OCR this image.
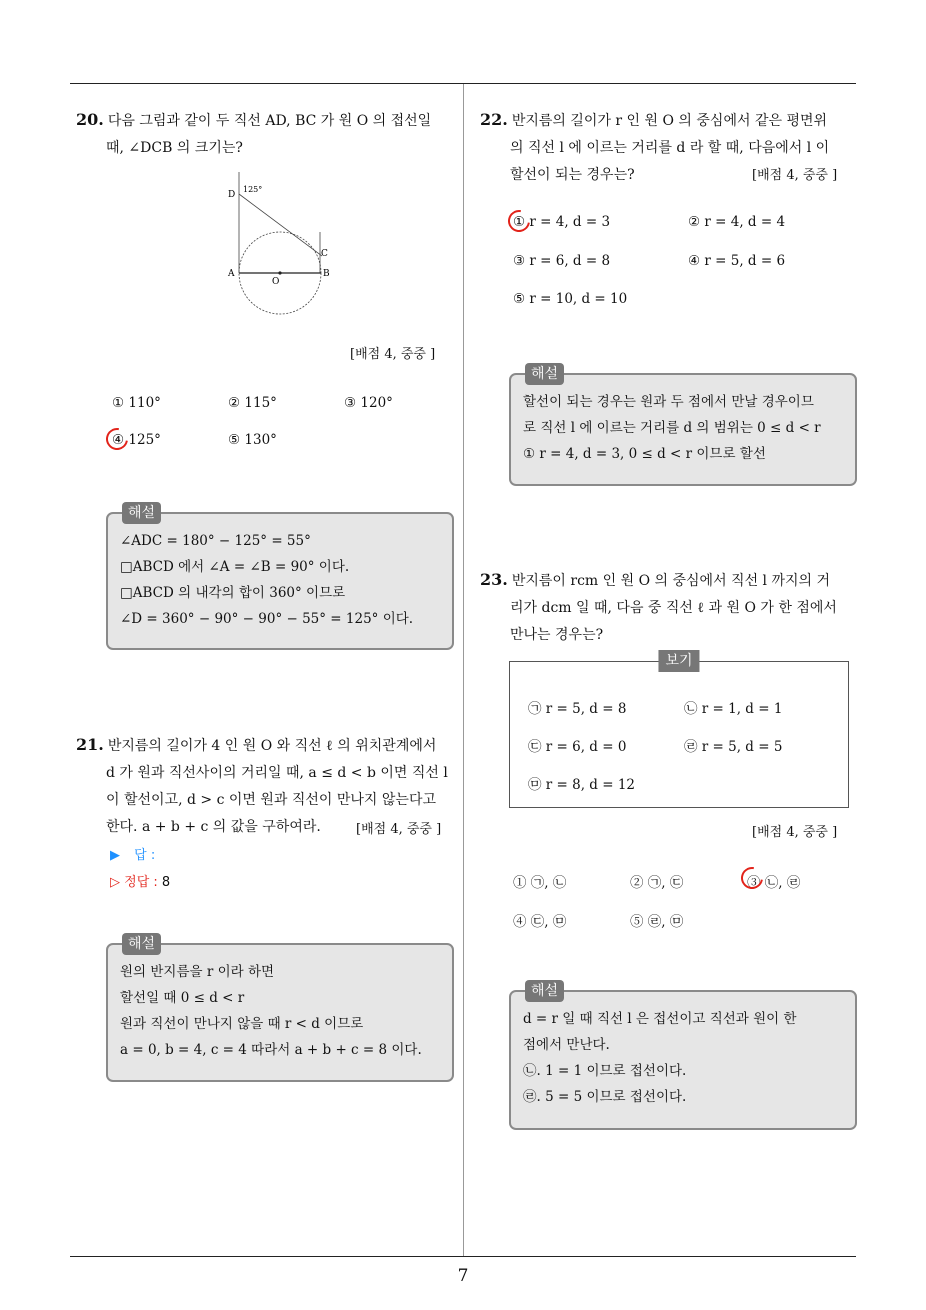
7
20. 다음 그림과 같이 두 직선 AD, BC 가 원 O 의 접선일
때, ∠DCB 의 크기는?
D
125°
C
A
O
B
[배점 4, 중중 ]
① 110°	② 115°	③ 120°
④ 125°	⑤ 130°
해설
∠ADC = 180° − 125° = 55°
□ABCD 에서 ∠A = ∠B = 90° 이다.
□ABCD 의 내각의 합이 360° 이므로
∠D = 360° − 90° − 90° − 55° = 125° 이다.
21. 반지름의 길이가 4 인 원 O 와 직선 ℓ 의 위치관계에서
d 가 원과 직선사이의 거리일 때, a ≤ d < b 이면 직선 l
이 할선이고, d > c 이면 원과 직선이 만나지 않는다고
한다. a + b + c 의 값을 구하여라.	[배점 4, 중중 ]
▶ 답 :
▷ 정답 : 8
해설
원의 반지름을 r 이라 하면
할선일 때 0 ≤ d < r
원과 직선이 만나지 않을 때 r < d 이므로
a = 0, b = 4, c = 4 따라서 a + b + c = 8 이다.
22. 반지름의 길이가 r 인 원 O 의 중심에서 같은 평면위
의 직선 l 에 이르는 거리를 d 라 할 때, 다음에서 l 이
할선이 되는 경우는?	[배점 4, 중중 ]
① r = 4, d = 3	② r = 4, d = 4
③ r = 6, d = 8	④ r = 5, d = 6
⑤ r = 10, d = 10
해설
할선이 되는 경우는 원과 두 점에서 만날 경우이므
로 직선 l 에 이르는 거리를 d 의 범위는 0 ≤ d < r
① r = 4, d = 3, 0 ≤ d < r 이므로 할선
23. 반지름이 rcm 인 원 O 의 중심에서 직선 l 까지의 거
리가 dcm 일 때, 다음 중 직선 ℓ 과 원 O 가 한 점에서
만나는 경우는?
보기
㉠ r = 5, d = 8	㉡ r = 1, d = 1
㉢ r = 6, d = 0	㉣ r = 5, d = 5
㉤ r = 8, d = 12
[배점 4, 중중 ]
① ㉠, ㉡	② ㉠, ㉢	③ ㉡, ㉣
④ ㉢, ㉤	⑤ ㉣, ㉤
해설
d = r 일 때 직선 l 은 접선이고 직선과 원이 한
점에서 만난다.
㉡. 1 = 1 이므로 접선이다.
㉣. 5 = 5 이므로 접선이다.
